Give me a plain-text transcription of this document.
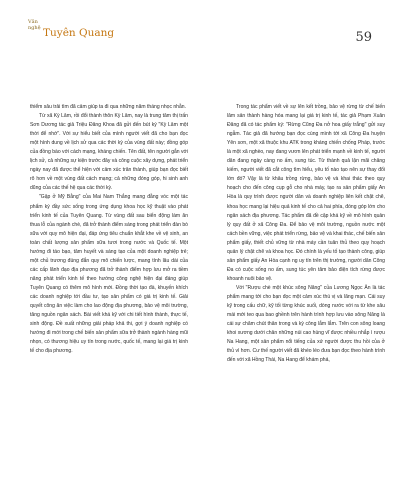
Văn
nghệ Tuyên Quang	59

thiểm sâu trải tìm đã cảm giúp ta đi qua những năm tháng nhọc nhằn.

Từ xã Kỳ Lâm, rồi đổi thành thôn Kỳ Lâm, nay là trung tâm thị trấn Sơn Dương tác giả Triệu Đăng Khoa đã gửi đến bút ký "Kỳ Lâm một thời để nhớ". Với sự hiểu biết của mình người viết đã cho bạn đọc một hình dung về lịch sử qua các thời kỳ của vùng đất này; đồng góp của đồng bào với cách mạng, kháng chiến. Tên đất, tên người gắn với lịch sử, cả những sự kiện trước đây và công cuộc xây dựng, phát triển ngày nay đã được thể hiện với cảm xúc trân thành, giúp bạn đọc biết rõ hơn về một vùng đất cách mạng; cả những đóng góp, hi sinh anh dũng của các thế hệ qua các thời kỳ.

"Gập ở Mỹ Bằng" của Mai Nam Thắng mang đằng vóc một tác phẩm ký đầy sức sống trong ứng dụng khoa học kỹ thuật vào phát triển kinh tế của Tuyên Quang. Từ vùng đất sau biển động làm ăn thua lỗ của ngành chè, đã trở thành điểm sáng trong phát triển đàn bò sữa với quy mô hiện đại, đáp ứng tiêu chuẩn khắt khe về vệ sinh, an toàn chất lượng sản phẩm sữa tươi trong nước và Quốc tế. Một hướng đi táo bạo, tâm huyết và sáng tạo của một doanh nghiệp trẻ; một chủ trương đúng đắn quy mô chiến lược, mang tính lâu dài của các cấp lãnh đạo địa phương đã trở thành điểm hợp lưu mở ra tiềm năng phát triển kinh tế theo hướng công nghệ hiện đại đáng giúp Tuyên Quang có thêm mô hình mới. Đồng thời tạo đà, khuyến khích các doanh nghiệp tới đầu tư, tạo sản phẩm có giá trị kinh tế. Giải quyết công ăn việc làm cho lao động địa phương, bảo vệ môi trường, tăng nguồn ngân sách. Bài viết khá kỹ với chi tiết hình thành, thực tế, sinh động. Đề xuất những giải pháp khả thi, gợi ý doanh nghiệp có hướng đi mới trong chế biến sản phẩm sữa trở thành ngành hàng mũi nhọn, có thương hiệu uy tín trong nước, quốc tế, mang lại giá trị kinh tế cho địa phương.

Trong tác phẩm viết về sự lên kết trồng, bảo vệ rừng từ chế biến lâm sản thành hàng hóa mang lại giá trị kinh tế, tác giả Phạm Xuân Đăng đã có tác phẩm ký: "Rừng Cũng Đa nở hoa giấy trắng" gửi suy ngẫm. Tác giả đã hướng bạn đọc cùng mình tới xã Công Đa huyện Yên sơn, một xã thuộc khu ATK trong kháng chiến chống Pháp, trước là một xã nghèo, nay đang vươn lên phát triển mạnh về kinh tế, người dân đang ngày càng no ấm, sung túc. Từ thành quả lận mãi chăng kiếm, người viết đã cắt công tìm hiểu, yêu tố nào tạo nên sự thay đổi lớn đó? Vậy là từ khâu trồng rừng, bảo vệ và khai thác theo quy hoạch cho đến công cụp gỗ cho nhà máy, tạo ra sản phẩm giấy An Hòa là quy trình được người dân và doanh nghiệp liên kết chặt chẽ, khoa học mang lại hiệu quả kinh tế cho cả hai phía, đóng góp lớn cho ngân sách địa phương. Tác phẩm đã đề cập khá kỹ về mô hình quản lý quy đất ở xã Công Đa. Để bảo vệ môi trường, nguồn nước một cách bền vững, việc phát triển rừng, bảo vệ và khai thác, chế biến sản phẩm giấy, thiết chủ vững từ nhà máy cần tuân thủ theo quy hoạch quản lý chặt chẽ và khoa học. Đó chính là yếu tố tạo thành công, giúp sản phẩm giấy An Hòa cạnh ng uy tín trên thị trường, người dân Công Đa có cuộc sống no ấm, sung túc yên tâm bảo điện tích rừng được khoanh nuôi bảo vệ.

Với "Rượu chè một khúc sông Năng" của Lương Ngọc Ân là tác phẩm mang tới cho bạn đọc một cảm xúc thú vị và lãng mạn. Cái suy kỹ trong cấu chữ, kỹ tối từng khúc suối, dòng nước với ra từ khe sâu mái mới teo qua bao ghềnh trên hành trình hợp lưu vào sông Năng là cái sự chăm chút thân trong và kỳ công lắm lắm. Trên con sông loang khoi xương dưới chân những núi cao hùng vĩ được nhiều nhắp ì rượu Na Hang, một sản phẩm nổi tiếng của xứ người được thu hồi của ở thủ vì hơn. Cư thế người viết đã khéo léo đưa bạn đọc theo hành trình đến với xã Hồng Thái, Na Hang để khám phá,
